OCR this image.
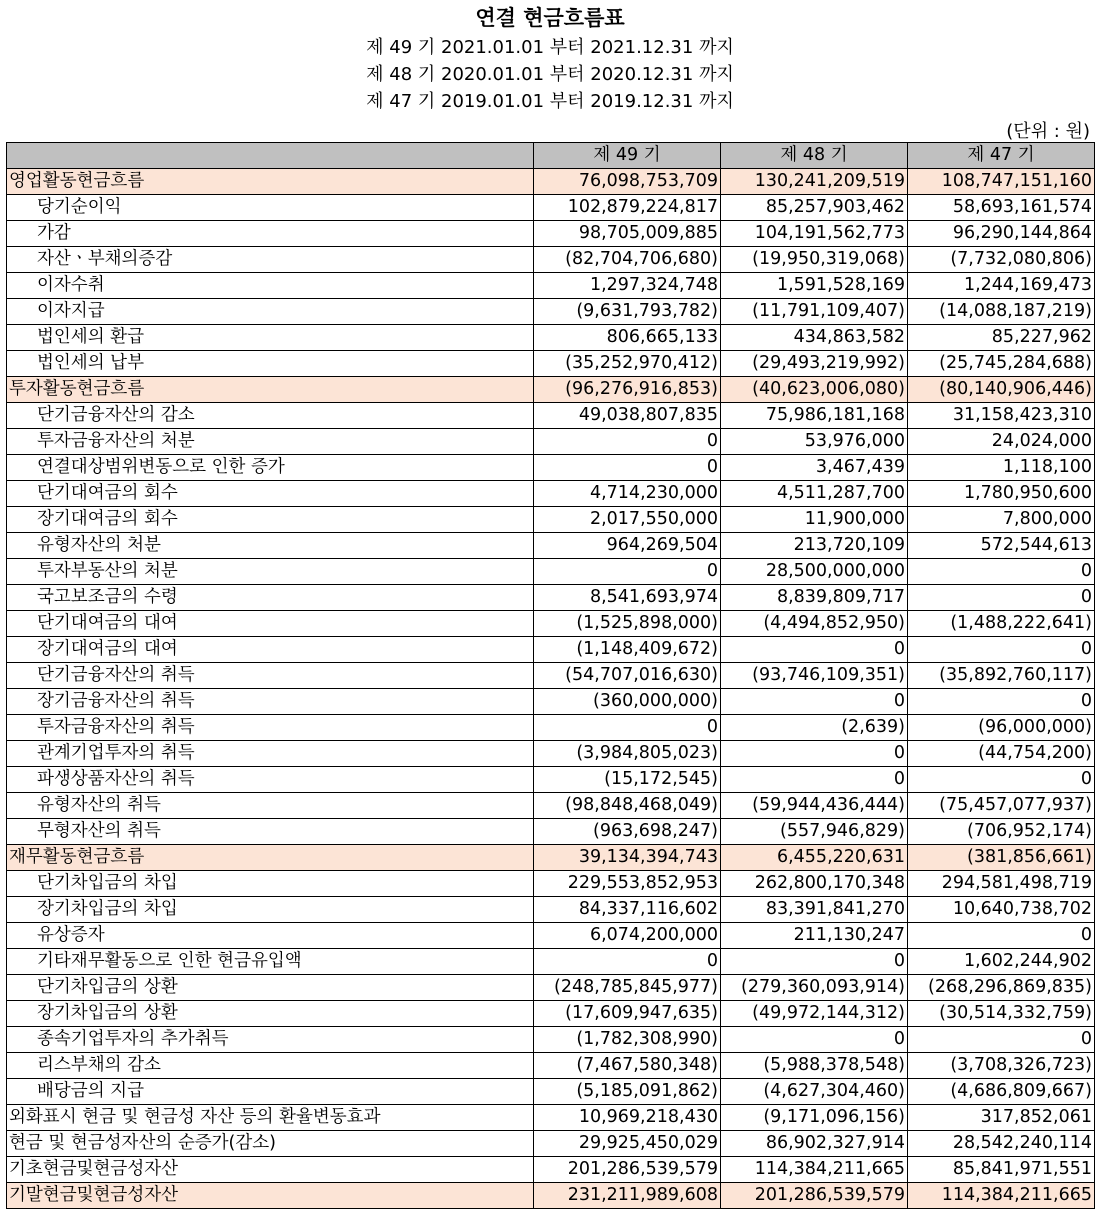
연결 현금흐름표
제 49 기 2021.01.01 부터 2021.12.31 까지
제 48 기 2020.01.01 부터 2020.12.31 까지
제 47 기 2019.01.01 부터 2019.12.31 까지
(단위 : 원)
	제 49 기	제 48 기	제 47 기
영업활동현금흐름	76,098,753,709	130,241,209,519	108,747,151,160
당기순이익	102,879,224,817	85,257,903,462	58,693,161,574
가감	98,705,009,885	104,191,562,773	96,290,144,864
자산ㆍ부채의증감	(82,704,706,680)	(19,950,319,068)	(7,732,080,806)
이자수취	1,297,324,748	1,591,528,169	1,244,169,473
이자지급	(9,631,793,782)	(11,791,109,407)	(14,088,187,219)
법인세의 환급	806,665,133	434,863,582	85,227,962
법인세의 납부	(35,252,970,412)	(29,493,219,992)	(25,745,284,688)
투자활동현금흐름	(96,276,916,853)	(40,623,006,080)	(80,140,906,446)
단기금융자산의 감소	49,038,807,835	75,986,181,168	31,158,423,310
투자금융자산의 처분	0	53,976,000	24,024,000
연결대상범위변동으로 인한 증가	0	3,467,439	1,118,100
단기대여금의 회수	4,714,230,000	4,511,287,700	1,780,950,600
장기대여금의 회수	2,017,550,000	11,900,000	7,800,000
유형자산의 처분	964,269,504	213,720,109	572,544,613
투자부동산의 처분	0	28,500,000,000	0
국고보조금의 수령	8,541,693,974	8,839,809,717	0
단기대여금의 대여	(1,525,898,000)	(4,494,852,950)	(1,488,222,641)
장기대여금의 대여	(1,148,409,672)	0	0
단기금융자산의 취득	(54,707,016,630)	(93,746,109,351)	(35,892,760,117)
장기금융자산의 취득	(360,000,000)	0	0
투자금융자산의 취득	0	(2,639)	(96,000,000)
관계기업투자의 취득	(3,984,805,023)	0	(44,754,200)
파생상품자산의 취득	(15,172,545)	0	0
유형자산의 취득	(98,848,468,049)	(59,944,436,444)	(75,457,077,937)
무형자산의 취득	(963,698,247)	(557,946,829)	(706,952,174)
재무활동현금흐름	39,134,394,743	6,455,220,631	(381,856,661)
단기차입금의 차입	229,553,852,953	262,800,170,348	294,581,498,719
장기차입금의 차입	84,337,116,602	83,391,841,270	10,640,738,702
유상증자	6,074,200,000	211,130,247	0
기타재무활동으로 인한 현금유입액	0	0	1,602,244,902
단기차입금의 상환	(248,785,845,977)	(279,360,093,914)	(268,296,869,835)
장기차입금의 상환	(17,609,947,635)	(49,972,144,312)	(30,514,332,759)
종속기업투자의 추가취득	(1,782,308,990)	0	0
리스부채의 감소	(7,467,580,348)	(5,988,378,548)	(3,708,326,723)
배당금의 지급	(5,185,091,862)	(4,627,304,460)	(4,686,809,667)
외화표시 현금 및 현금성 자산 등의 환율변동효과	10,969,218,430	(9,171,096,156)	317,852,061
현금 및 현금성자산의 순증가(감소)	29,925,450,029	86,902,327,914	28,542,240,114
기초현금및현금성자산	201,286,539,579	114,384,211,665	85,841,971,551
기말현금및현금성자산	231,211,989,608	201,286,539,579	114,384,211,665
